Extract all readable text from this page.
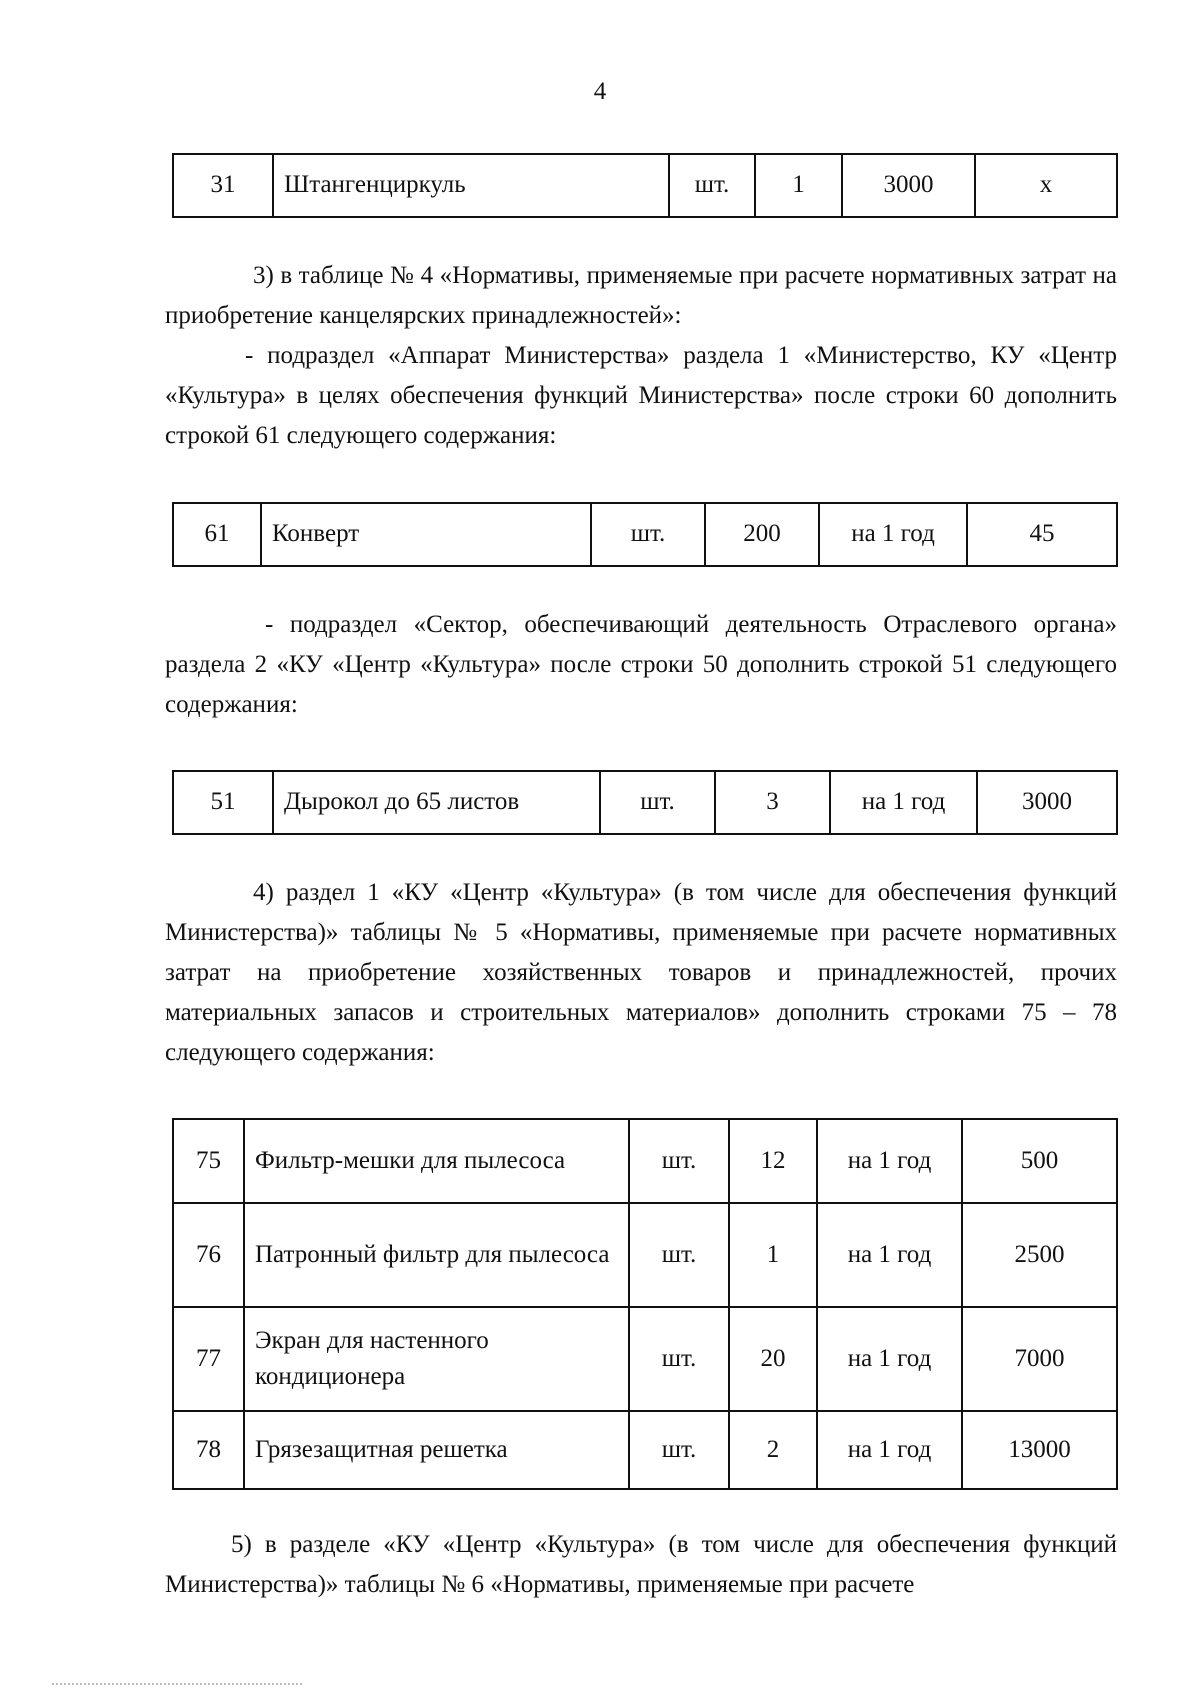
4
31	Штангенциркуль	шт.	1	3000	х

3) в таблице № 4 «Нормативы, применяемые при расчете нормативных затрат на приобретение канцелярских принадлежностей»:

- подраздел «Аппарат Министерства» раздела 1 «Министерство, КУ «Центр «Культура» в целях обеспечения функций Министерства» после строки 60 дополнить строкой 61 следующего содержания:

61	Конверт	шт.	200	на 1 год	45

- подраздел «Сектор, обеспечивающий деятельность Отраслевого органа» раздела 2 «КУ «Центр «Культура» после строки 50 дополнить строкой 51 следующего содержания:

51	Дырокол до 65 листов	шт.	3	на 1 год	3000

4) раздел 1 «КУ «Центр «Культура» (в том числе для обеспечения функций Министерства)» таблицы № 5 «Нормативы, применяемые при расчете нормативных затрат на приобретение хозяйственных товаров и принадлежностей, прочих материальных запасов и строительных материалов» дополнить строками 75 – 78 следующего содержания:

75	Фильтр-мешки для пылесоса	шт.	12	на 1 год	500
76	Патронный фильтр для пылесоса	шт.	1	на 1 год	2500
77	Экран для настенного кондиционера	шт.	20	на 1 год	7000
78	Грязезащитная решетка	шт.	2	на 1 год	13000

5) в разделе «КУ «Центр «Культура» (в том числе для обеспечения функций Министерства)» таблицы № 6 «Нормативы, применяемые при расчете
